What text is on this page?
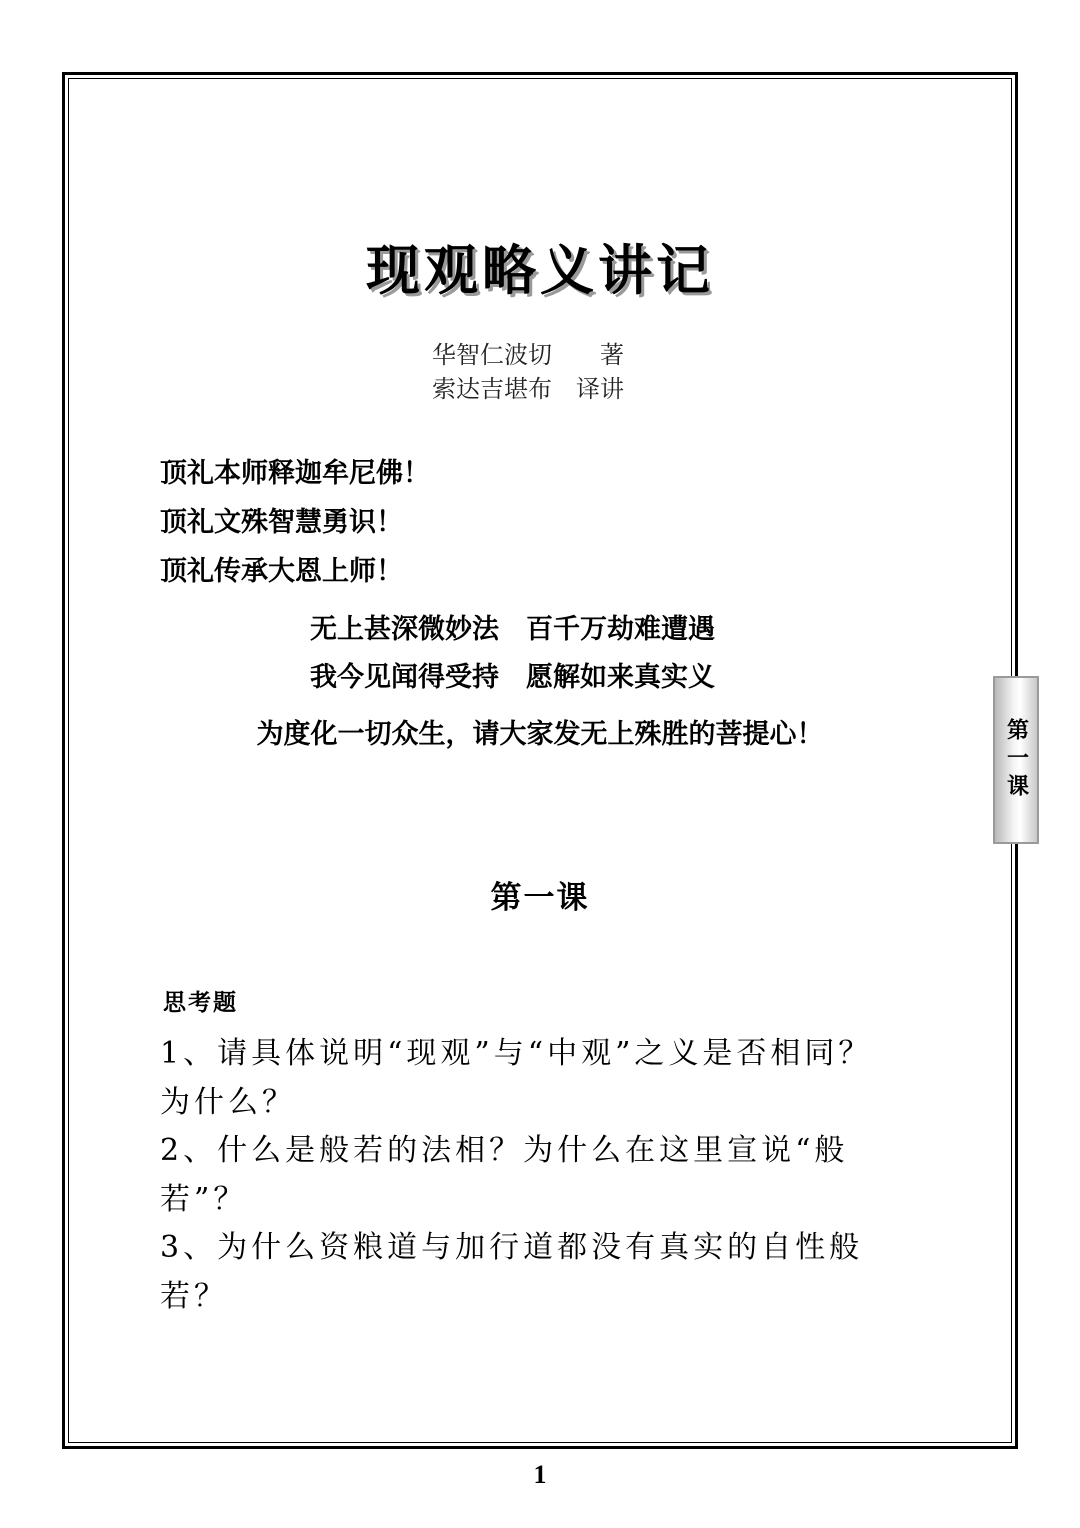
现观略义讲记
华智仁波切　　 著
索达吉堪布　 译讲
顶礼本师释迦牟尼佛！
顶礼文殊智慧勇识！
顶礼传承大恩上师！
无上甚深微妙法　百千万劫难遭遇
我今见闻得受持　愿解如来真实义
为度化一切众生，请大家发无上殊胜的菩提心！	第一课
第一课
思考题

1、请具体说明“现观”与“中观”之义是否相同？为什么？

2、什么是般若的法相？为什么在这里宣说“般若”？

3、为什么资粮道与加行道都没有真实的自性般若？

1
